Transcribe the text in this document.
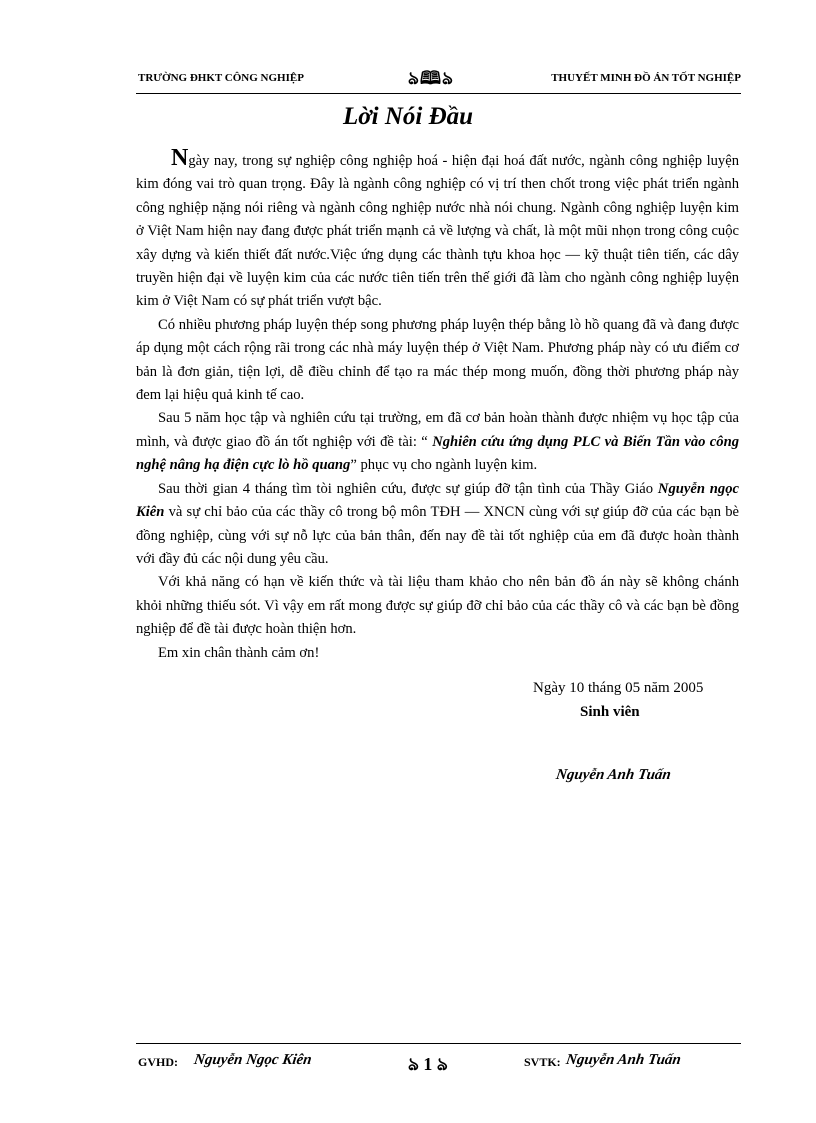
TRƯỜNG ĐHKT CÔNG NGHIỆP	ঌ🕮ঌ	THUYẾT MINH ĐỒ ÁN TỐT NGHIỆP
Lời Nói Đầu

Ngày nay, trong sự nghiệp công nghiệp hoá - hiện đại hoá đất nước, ngành công nghiệp luyện kim đóng vai trò quan trọng. Đây là ngành công nghiệp có vị trí then chốt trong việc phát triển ngành công nghiệp nặng nói riêng và ngành công nghiệp nước nhà nói chung. Ngành công nghiệp luyện kim ở Việt Nam hiện nay đang được phát triển mạnh cả về lượng và chất, là một mũi nhọn trong công cuộc xây dựng và kiến thiết đất nước.Việc ứng dụng các thành tựu khoa học — kỹ thuật tiên tiến, các dây truyền hiện đại về luyện kim của các nước tiên tiến trên thế giới đã làm cho ngành công nghiệp luyện kim ở Việt Nam có sự phát triển vượt bậc.

Có nhiều phương pháp luyện thép song phương pháp luyện thép bằng lò hồ quang đã và đang được áp dụng một cách rộng rãi trong các nhà máy luyện thép ở Việt Nam. Phương pháp này có ưu điểm cơ bản là đơn giản, tiện lợi, dễ điều chỉnh để tạo ra mác thép mong muốn, đồng thời phương pháp này đem lại hiệu quả kinh tế cao.

Sau 5 năm học tập và nghiên cứu tại trường, em đã cơ bản hoàn thành được nhiệm vụ học tập của mình, và được giao đồ án tốt nghiệp với đề tài: “ Nghiên cứu ứng dụng PLC và Biến Tần vào công nghệ nâng hạ điện cực lò hồ quang” phục vụ cho ngành luyện kim.

Sau thời gian 4 tháng tìm tòi nghiên cứu, được sự giúp đỡ tận tình của Thầy Giáo Nguyễn ngọc Kiên và sự chỉ bảo của các thầy cô trong bộ môn TĐH — XNCN cùng với sự giúp đỡ của các bạn bè đồng nghiệp, cùng với sự nỗ lực của bản thân, đến nay đề tài tốt nghiệp của em đã được hoàn thành với đầy đủ các nội dung yêu cầu.

Với khả năng có hạn về kiến thức và tài liệu tham khảo cho nên bản đồ án này sẽ không chánh khỏi những thiếu sót. Vì vậy em rất mong được sự giúp đỡ chỉ bảo của các thầy cô và các bạn bè đồng nghiệp để đề tài được hoàn thiện hơn.

Em xin chân thành cảm ơn!

Ngày 10 tháng 05 năm 2005
Sinh viên
Nguyễn Anh Tuấn
GVHD: Nguyễn Ngọc Kiên	ঌ 1 ঌ	SVTK: Nguyễn Anh Tuấn
